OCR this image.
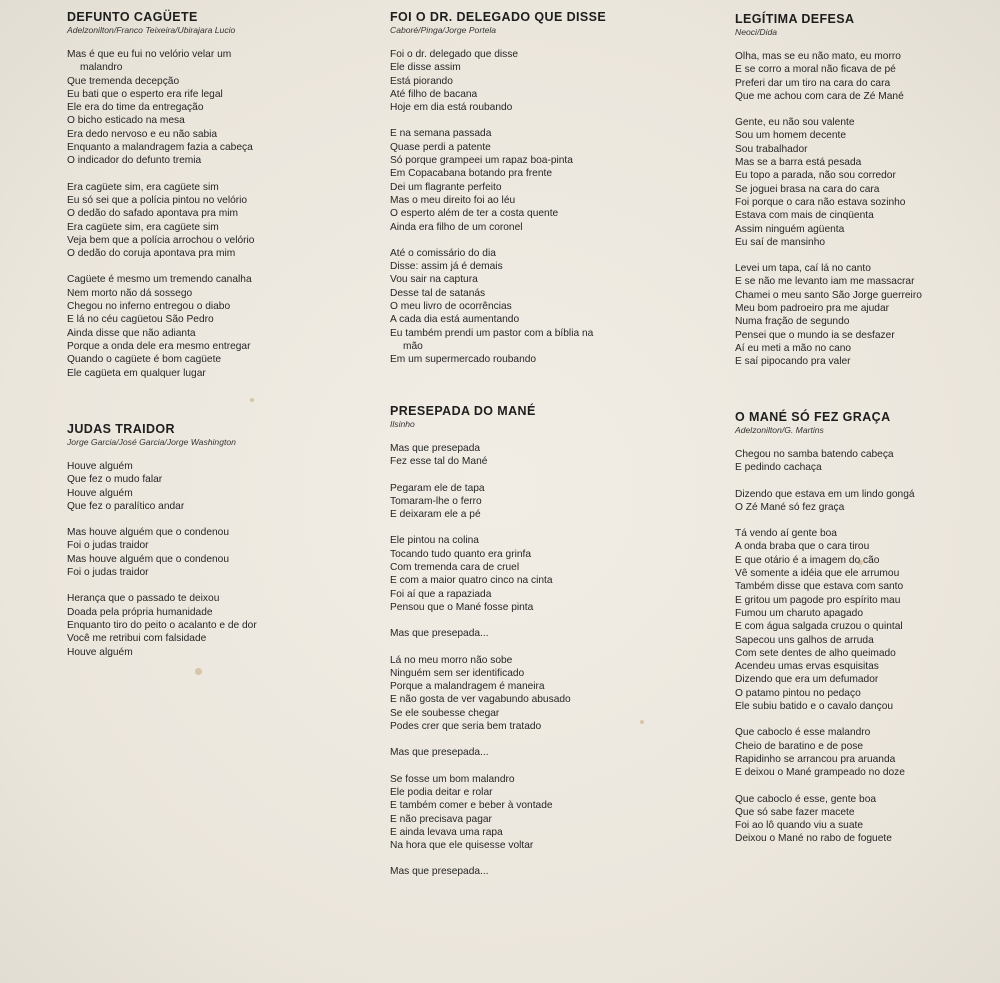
DEFUNTO CAGÜETE
Adelzonilton/Franco Teixeira/Ubirajara Lucio
Mas é que eu fui no velório velar um
malandro
Que tremenda decepção
Eu bati que o esperto era rife legal
Ele era do time da entregação
O bicho esticado na mesa
Era dedo nervoso e eu não sabia
Enquanto a malandragem fazia a cabeça
O indicador do defunto tremia
Era cagüete sim, era cagüete sim
Eu só sei que a polícia pintou no velório
O dedão do safado apontava pra mim
Era cagüete sim, era cagüete sim
Veja bem que a polícia arrochou o velório
O dedão do coruja apontava pra mim
Cagüete é mesmo um tremendo canalha
Nem morto não dá sossego
Chegou no inferno entregou o diabo
E lá no céu cagüetou São Pedro
Ainda disse que não adianta
Porque a onda dele era mesmo entregar
Quando o cagüete é bom cagüete
Ele cagüeta em qualquer lugar
JUDAS TRAIDOR
Jorge Garcia/José Garcia/Jorge Washington
Houve alguém
Que fez o mudo falar
Houve alguém
Que fez o paralítico andar
Mas houve alguém que o condenou
Foi o judas traidor
Mas houve alguém que o condenou
Foi o judas traidor
Herança que o passado te deixou
Doada pela própria humanidade
Enquanto tiro do peito o acalanto e de dor
Você me retribui com falsidade
Houve alguém
FOI O DR. DELEGADO QUE DISSE
Caboré/Pinga/Jorge Portela
Foi o dr. delegado que disse
Ele disse assim
Está piorando
Até filho de bacana
Hoje em dia está roubando
E na semana passada
Quase perdi a patente
Só porque grampeei um rapaz boa-pinta
Em Copacabana botando pra frente
Dei um flagrante perfeito
Mas o meu direito foi ao léu
O esperto além de ter a costa quente
Ainda era filho de um coronel
Até o comissário do dia
Disse: assim já é demais
Vou sair na captura
Desse tal de satanás
O meu livro de ocorrências
A cada dia está aumentando
Eu também prendi um pastor com a bíblia na
mão
Em um supermercado roubando
PRESEPADA DO MANÉ
Ilsinho
Mas que presepada
Fez esse tal do Mané
Pegaram ele de tapa
Tomaram-lhe o ferro
E deixaram ele a pé
Ele pintou na colina
Tocando tudo quanto era grinfa
Com tremenda cara de cruel
E com a maior quatro cinco na cinta
Foi aí que a rapaziada
Pensou que o Mané fosse pinta
Mas que presepada...
Lá no meu morro não sobe
Ninguém sem ser identificado
Porque a malandragem é maneira
E não gosta de ver vagabundo abusado
Se ele soubesse chegar
Podes crer que seria bem tratado
Mas que presepada...
Se fosse um bom malandro
Ele podia deitar e rolar
E também comer e beber à vontade
E não precisava pagar
E ainda levava uma rapa
Na hora que ele quisesse voltar
Mas que presepada...
LEGÍTIMA DEFESA
Neoci/Dida
Olha, mas se eu não mato, eu morro
E se corro a moral não ficava de pé
Preferi dar um tiro na cara do cara
Que me achou com cara de Zé Mané
Gente, eu não sou valente
Sou um homem decente
Sou trabalhador
Mas se a barra está pesada
Eu topo a parada, não sou corredor
Se joguei brasa na cara do cara
Foi porque o cara não estava sozinho
Estava com mais de cinqüenta
Assim ninguém agüenta
Eu saí de mansinho
Levei um tapa, caí lá no canto
E se não me levanto iam me massacrar
Chamei o meu santo São Jorge guerreiro
Meu bom padroeiro pra me ajudar
Numa fração de segundo
Pensei que o mundo ia se desfazer
Aí eu meti a mão no cano
E saí pipocando pra valer
O MANÉ SÓ FEZ GRAÇA
Adelzonilton/G. Martins
Chegou no samba batendo cabeça
E pedindo cachaça
Dizendo que estava em um lindo gongá
O Zé Mané só fez graça
Tá vendo aí gente boa
A onda braba que o cara tirou
E que otário é a imagem do cão
Vê somente a idéia que ele arrumou
Também disse que estava com santo
E gritou um pagode pro espírito mau
Fumou um charuto apagado
E com água salgada cruzou o quintal
Sapecou uns galhos de arruda
Com sete dentes de alho queimado
Acendeu umas ervas esquisitas
Dizendo que era um defumador
O patamo pintou no pedaço
Ele subiu batido e o cavalo dançou
Que caboclo é esse malandro
Cheio de baratino e de pose
Rapidinho se arrancou pra aruanda
E deixou o Mané grampeado no doze
Que caboclo é esse, gente boa
Que só sabe fazer macete
Foi ao lô quando viu a suate
Deixou o Mané no rabo de foguete
